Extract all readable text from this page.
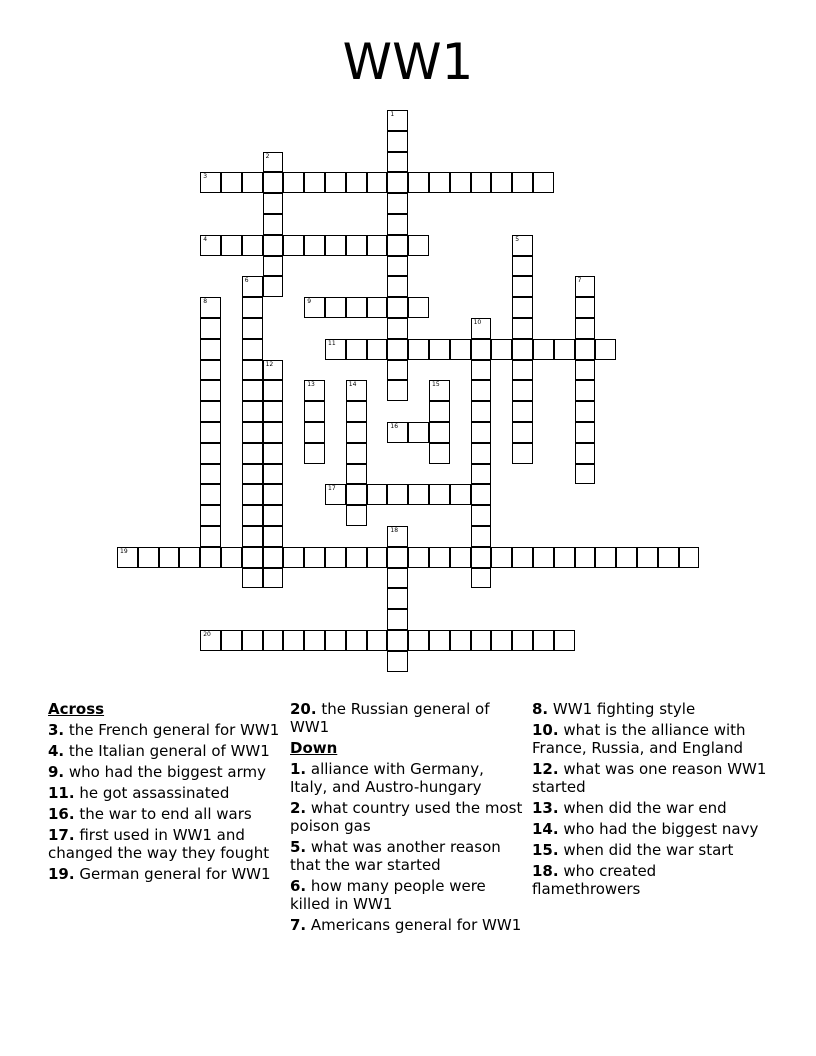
WW1
1
2
3
4	5
6	7
8	9
10
11
12
13	14	15
16
17
18
19
20
Across
3. the French general for WW1
4. the Italian general of WW1
9. who had the biggest army
11. he got assassinated
16. the war to end all wars
17. first used in WW1 and changed the way they fought
19. German general for WW1
20. the Russian general of WW1
Down
1. alliance with Germany, Italy, and Austro-hungary
2. what country used the most poison gas
5. what was another reason that the war started
6. how many people were killed in WW1
7. Americans general for WW1
8. WW1 fighting style
10. what is the alliance with France, Russia, and England
12. what was one reason WW1 started
13. when did the war end
14. who had the biggest navy
15. when did the war start
18. who created flamethrowers
